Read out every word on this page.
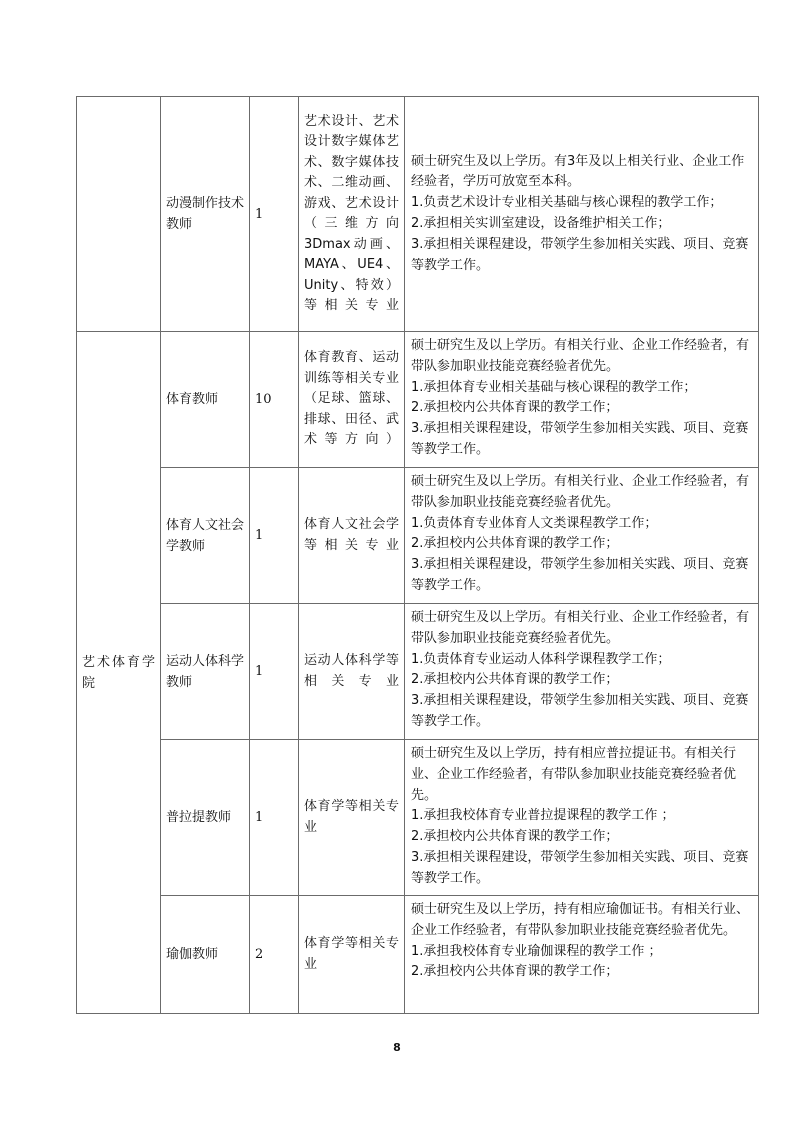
	动漫制作技术教师	1	艺术设计、艺术设计数字媒体艺术、数字媒体技术、二维动画、游戏、艺术设计（三维方向3Dmax动画、MAYA、UE4、Unity、特效）等相关专业	硕士研究生及以上学历。有3年及以上相关行业、企业工作经验者，学历可放宽至本科。
1.负责艺术设计专业相关基础与核心课程的教学工作；
2.承担相关实训室建设，设备维护相关工作；
3.承担相关课程建设，带领学生参加相关实践、项目、竞赛等教学工作。

艺术体育学院	体育教师	10	体育教育、运动训练等相关专业（足球、篮球、排球、田径、武术等方向）	硕士研究生及以上学历。有相关行业、企业工作经验者，有带队参加职业技能竞赛经验者优先。
1.承担体育专业相关基础与核心课程的教学工作；
2.承担校内公共体育课的教学工作；
3.承担相关课程建设，带领学生参加相关实践、项目、竞赛等教学工作。

	体育人文社会学教师	1	体育人文社会学等相关专业	硕士研究生及以上学历。有相关行业、企业工作经验者，有带队参加职业技能竞赛经验者优先。
1.负责体育专业体育人文类课程教学工作；
2.承担校内公共体育课的教学工作；
3.承担相关课程建设，带领学生参加相关实践、项目、竞赛等教学工作。

	运动人体科学教师	1	运动人体科学等相关专业	硕士研究生及以上学历。有相关行业、企业工作经验者，有带队参加职业技能竞赛经验者优先。
1.负责体育专业运动人体科学课程教学工作；
2.承担校内公共体育课的教学工作；
3.承担相关课程建设，带领学生参加相关实践、项目、竞赛等教学工作。

	普拉提教师	1	体育学等相关专业	硕士研究生及以上学历，持有相应普拉提证书。有相关行业、企业工作经验者，有带队参加职业技能竞赛经验者优先。
1.承担我校体育专业普拉提课程的教学工作 ；
2.承担校内公共体育课的教学工作；
3.承担相关课程建设，带领学生参加相关实践、项目、竞赛等教学工作。

	瑜伽教师	2	体育学等相关专业	硕士研究生及以上学历，持有相应瑜伽证书。有相关行业、企业工作经验者，有带队参加职业技能竞赛经验者优先。
1.承担我校体育专业瑜伽课程的教学工作 ；
2.承担校内公共体育课的教学工作；
8
